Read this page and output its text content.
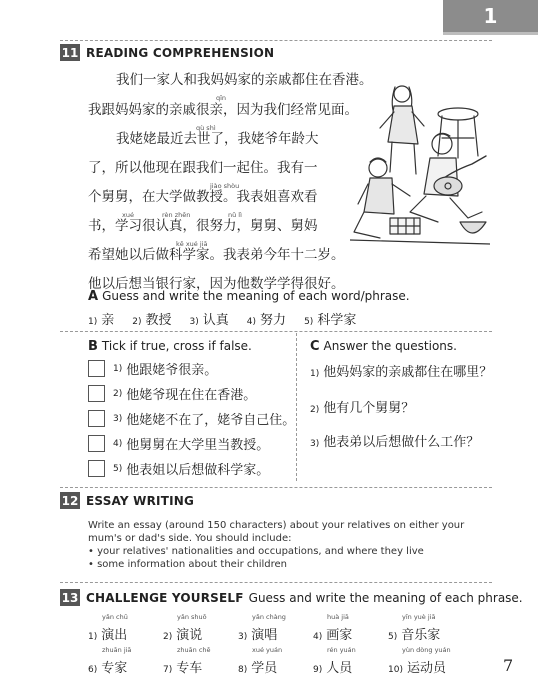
1
11 READING COMPREHENSION
我们一家人和我妈妈家的亲戚都住在香港。
qīn
我跟妈妈家的亲戚很亲，因为我们经常见面。
qù shì
我姥姥最近去世了，我姥爷年龄大
了，所以他现在跟我们一起住。我有一
jiào shòu
个舅舅，在大学做教授。我表姐喜欢看
xué	rèn zhēn	nǔ lì
书，学习很认真，很努力，舅舅、舅妈
kē xué jiā
希望她以后做科学家。我表弟今年十二岁。
他以后想当银行家，因为他数学学得很好。
A Guess and write the meaning of each word/phrase.
1) 亲 2) 教授 3) 认真 4) 努力 5) 科学家
B Tick if true, cross if false.
1) 他跟姥爷很亲。
2) 他姥爷现在住在香港。
3) 他姥姥不在了，姥爷自己住。
4) 他舅舅在大学里当教授。
5) 他表姐以后想做科学家。
C Answer the questions.
1) 他妈妈家的亲戚都住在哪里？
2) 他有几个舅舅？
3) 他表弟以后想做什么工作？
12 ESSAY WRITING
Write an essay (around 150 characters) about your relatives on either your mum's or dad's side. You should include:
• your relatives' nationalities and occupations, and where they live
• some information about their children
13 CHALLENGE YOURSELF Guess and write the meaning of each phrase.
yǎn chū
1) 演出
yǎn shuō
2) 演说
yǎn chàng
3) 演唱
huà jiā
4) 画家
yīn yuè jiā
5) 音乐家
zhuān jiā
6) 专家
zhuān chē
7) 专车
xué yuán
8) 学员
rén yuán
9) 人员
yùn dòng yuán
10) 运动员	7
